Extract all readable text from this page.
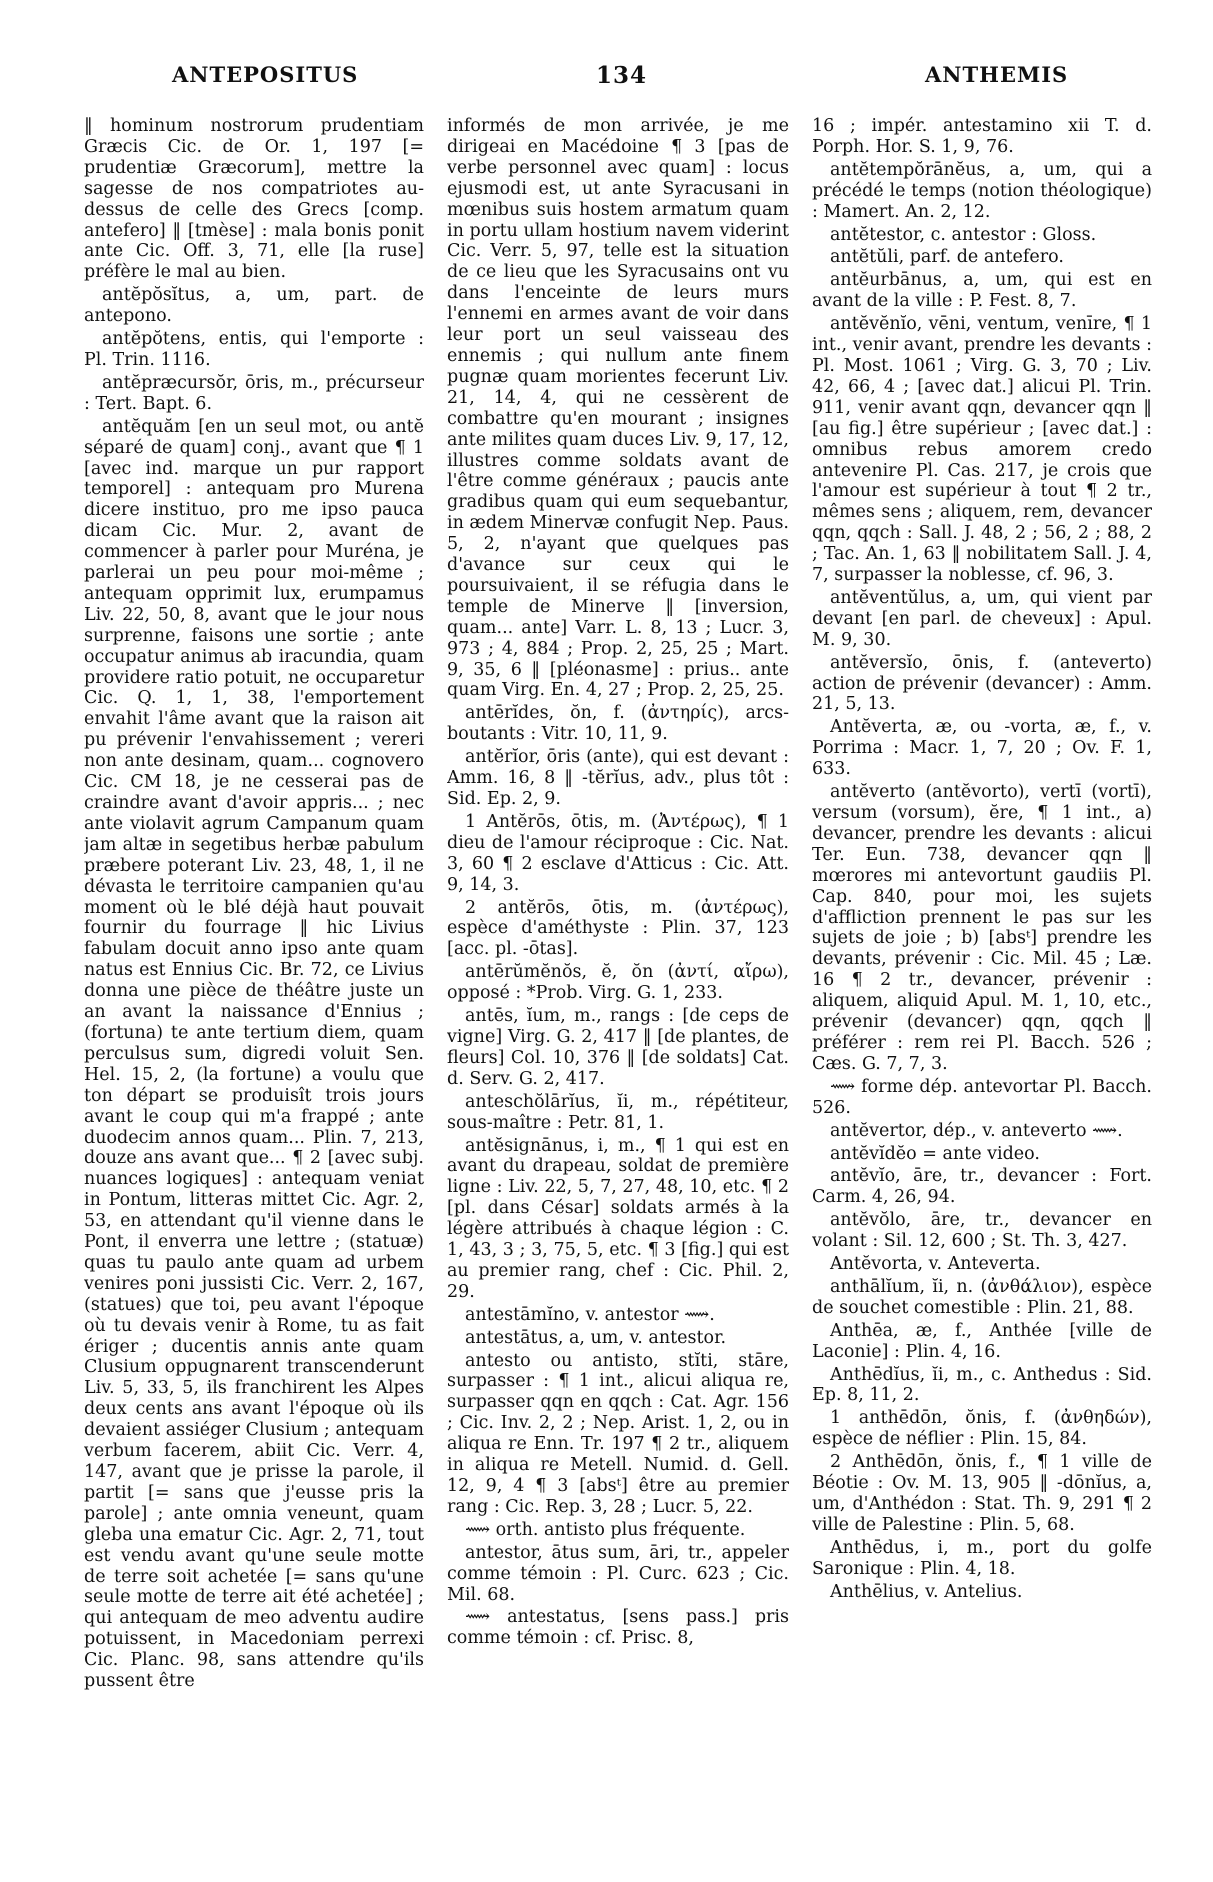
ANTEPOSITUS	134	ANTHEMIS

‖ hominum nostrorum prudentiam Græcis Cic. de Or. 1, 197 [= prudentiæ Græcorum], mettre la sagesse de nos compatriotes au-dessus de celle des Grecs [comp. antefero] ‖ [tmèse] : mala bonis ponit ante Cic. Off. 3, 71, elle [la ruse] préfère le mal au bien.

antĕpŏsĭtus, a, um, part. de antepono.

antĕpŏtens, entis, qui l'emporte : Pl. Trin. 1116.

antĕpræcursŏr, ōris, m., précurseur : Tert. Bapt. 6.

antĕquăm [en un seul mot, ou antĕ séparé de quam] conj., avant que ¶ 1 [avec ind. marque un pur rapport temporel] : antequam pro Murena dicere instituo, pro me ipso pauca dicam Cic. Mur. 2, avant de commencer à parler pour Muréna, je parlerai un peu pour moi-même ; antequam opprimit lux, erumpamus Liv. 22, 50, 8, avant que le jour nous surprenne, faisons une sortie ; ante occupatur animus ab iracundia, quam providere ratio potuit, ne occuparetur Cic. Q. 1, 1, 38, l'emportement envahit l'âme avant que la raison ait pu prévenir l'envahissement ; vereri non ante desinam, quam... cognovero Cic. CM 18, je ne cesserai pas de craindre avant d'avoir appris... ; nec ante violavit agrum Campanum quam jam altæ in segetibus herbæ pabulum præbere poterant Liv. 23, 48, 1, il ne dévasta le territoire campanien qu'au moment où le blé déjà haut pouvait fournir du fourrage ‖ hic Livius fabulam docuit anno ipso ante quam natus est Ennius Cic. Br. 72, ce Livius donna une pièce de théâtre juste un an avant la naissance d'Ennius ; (fortuna) te ante tertium diem, quam perculsus sum, digredi voluit Sen. Hel. 15, 2, (la fortune) a voulu que ton départ se produisît trois jours avant le coup qui m'a frappé ; ante duodecim annos quam... Plin. 7, 213, douze ans avant que... ¶ 2 [avec subj. nuances logiques] : antequam veniat in Pontum, litteras mittet Cic. Agr. 2, 53, en attendant qu'il vienne dans le Pont, il enverra une lettre ; (statuæ) quas tu paulo ante quam ad urbem venires poni jussisti Cic. Verr. 2, 167, (statues) que toi, peu avant l'époque où tu devais venir à Rome, tu as fait ériger ; ducentis annis ante quam Clusium oppugnarent transcenderunt Liv. 5, 33, 5, ils franchirent les Alpes deux cents ans avant l'époque où ils devaient assiéger Clusium ; antequam verbum facerem, abiit Cic. Verr. 4, 147, avant que je prisse la parole, il partit [= sans que j'eusse pris la parole] ; ante omnia veneunt, quam gleba una ematur Cic. Agr. 2, 71, tout est vendu avant qu'une seule motte de terre soit achetée [= sans qu'une seule motte de terre ait été achetée] ; qui antequam de meo adventu audire potuissent, in Macedoniam perrexi Cic. Planc. 98, sans attendre qu'ils pussent être

informés de mon arrivée, je me dirigeai en Macédoine ¶ 3 [pas de verbe personnel avec quam] : locus ejusmodi est, ut ante Syracusani in mœnibus suis hostem armatum quam in portu ullam hostium navem viderint Cic. Verr. 5, 97, telle est la situation de ce lieu que les Syracusains ont vu dans l'enceinte de leurs murs l'ennemi en armes avant de voir dans leur port un seul vaisseau des ennemis ; qui nullum ante finem pugnæ quam morientes fecerunt Liv. 21, 14, 4, qui ne cessèrent de combattre qu'en mourant ; insignes ante milites quam duces Liv. 9, 17, 12, illustres comme soldats avant de l'être comme généraux ; paucis ante gradibus quam qui eum sequebantur, in ædem Minervæ confugit Nep. Paus. 5, 2, n'ayant que quelques pas d'avance sur ceux qui le poursuivaient, il se réfugia dans le temple de Minerve ‖ [inversion, quam... ante] Varr. L. 8, 13 ; Lucr. 3, 973 ; 4, 884 ; Prop. 2, 25, 25 ; Mart. 9, 35, 6 ‖ [pléonasme] : prius.. ante quam Virg. En. 4, 27 ; Prop. 2, 25, 25.

antērĭdes, ŏn, f. (ἀντηρίς), arcs-boutants : Vitr. 10, 11, 9.

antĕrĭor, ōris (ante), qui est devant : Amm. 16, 8 ‖ -tĕrĭus, adv., plus tôt : Sid. Ep. 2, 9.

1 Antĕrōs, ōtis, m. (Ἀντέρως), ¶ 1 dieu de l'amour réciproque : Cic. Nat. 3, 60 ¶ 2 esclave d'Atticus : Cic. Att. 9, 14, 3.

2 antĕrōs, ōtis, m. (ἀντέρως), espèce d'améthyste : Plin. 37, 123 [acc. pl. -ōtas].

antērŭmĕnŏs, ĕ, ŏn (ἀντί, αἴρω), opposé : *Prob. Virg. G. 1, 233.

antēs, ĭum, m., rangs : [de ceps de vigne] Virg. G. 2, 417 ‖ [de plantes, de fleurs] Col. 10, 376 ‖ [de soldats] Cat. d. Serv. G. 2, 417.

anteschŏlārĭus, ĭi, m., répétiteur, sous-maître : Petr. 81, 1.

antĕsignānus, i, m., ¶ 1 qui est en avant du drapeau, soldat de première ligne : Liv. 22, 5, 7, 27, 48, 10, etc. ¶ 2 [pl. dans César] soldats armés à la légère attribués à chaque légion : C. 1, 43, 3 ; 3, 75, 5, etc. ¶ 3 [fig.] qui est au premier rang, chef : Cic. Phil. 2, 29.

antestāmĭno, v. antestor ⟿.

antestātus, a, um, v. antestor.

antesto ou antisto, stĭti, stāre, surpasser : ¶ 1 int., alicui aliqua re, surpasser qqn en qqch : Cat. Agr. 156 ; Cic. Inv. 2, 2 ; Nep. Arist. 1, 2, ou in aliqua re Enn. Tr. 197 ¶ 2 tr., aliquem in aliqua re Metell. Numid. d. Gell. 12, 9, 4 ¶ 3 [absᵗ] être au premier rang : Cic. Rep. 3, 28 ; Lucr. 5, 22.

⟿ orth. antisto plus fréquente.

antestor, ātus sum, āri, tr., appeler comme témoin : Pl. Curc. 623 ; Cic. Mil. 68.

⟿ antestatus, [sens pass.] pris comme témoin : cf. Prisc. 8,

16 ; impér. antestamino xii T. d. Porph. Hor. S. 1, 9, 76.

antĕtempŏrānĕus, a, um, qui a précédé le temps (notion théologique) : Mamert. An. 2, 12.

antĕtestor, c. antestor : Gloss.

antĕtŭli, parf. de antefero.

antĕurbānus, a, um, qui est en avant de la ville : P. Fest. 8, 7.

antĕvĕnĭo, vēni, ventum, venīre, ¶ 1 int., venir avant, prendre les devants : Pl. Most. 1061 ; Virg. G. 3, 70 ; Liv. 42, 66, 4 ; [avec dat.] alicui Pl. Trin. 911, venir avant qqn, devancer qqn ‖ [au fig.] être supérieur ; [avec dat.] : omnibus rebus amorem credo antevenire Pl. Cas. 217, je crois que l'amour est supérieur à tout ¶ 2 tr., mêmes sens ; aliquem, rem, devancer qqn, qqch : Sall. J. 48, 2 ; 56, 2 ; 88, 2 ; Tac. An. 1, 63 ‖ nobilitatem Sall. J. 4, 7, surpasser la noblesse, cf. 96, 3.

antĕventŭlus, a, um, qui vient par devant [en parl. de cheveux] : Apul. M. 9, 30.

antĕversĭo, ōnis, f. (anteverto) action de prévenir (devancer) : Amm. 21, 5, 13.

Antĕverta, æ, ou -vorta, æ, f., v. Porrima : Macr. 1, 7, 20 ; Ov. F. 1, 633.

antĕverto (antĕvorto), vertī (vortī), versum (vorsum), ĕre, ¶ 1 int., a) devancer, prendre les devants : alicui Ter. Eun. 738, devancer qqn ‖ mœrores mi antevortunt gaudiis Pl. Cap. 840, pour moi, les sujets d'affliction prennent le pas sur les sujets de joie ; b) [absᵗ] prendre les devants, prévenir : Cic. Mil. 45 ; Læ. 16 ¶ 2 tr., devancer, prévenir : aliquem, aliquid Apul. M. 1, 10, etc., prévenir (devancer) qqn, qqch ‖ préférer : rem rei Pl. Bacch. 526 ; Cæs. G. 7, 7, 3.

⟿ forme dép. antevortar Pl. Bacch. 526.

antĕvertor, dép., v. anteverto ⟿.

antĕvĭdĕo = ante video.

antĕvĭo, āre, tr., devancer : Fort. Carm. 4, 26, 94.

antĕvŏlo, āre, tr., devancer en volant : Sil. 12, 600 ; St. Th. 3, 427.

Antĕvorta, v. Anteverta.

anthālĭum, ĭi, n. (ἀνθάλιον), espèce de souchet comestible : Plin. 21, 88.

Anthēa, æ, f., Anthée [ville de Laconie] : Plin. 4, 16.

Anthēdĭus, ĭi, m., c. Anthedus : Sid. Ep. 8, 11, 2.

1 anthēdōn, ŏnis, f. (ἀνθηδών), espèce de néflier : Plin. 15, 84.

2 Anthēdōn, ŏnis, f., ¶ 1 ville de Béotie : Ov. M. 13, 905 ‖ -dōnĭus, a, um, d'Anthédon : Stat. Th. 9, 291 ¶ 2 ville de Palestine : Plin. 5, 68.

Anthēdus, i, m., port du golfe Saronique : Plin. 4, 18.

Anthēlius, v. Antelius.
